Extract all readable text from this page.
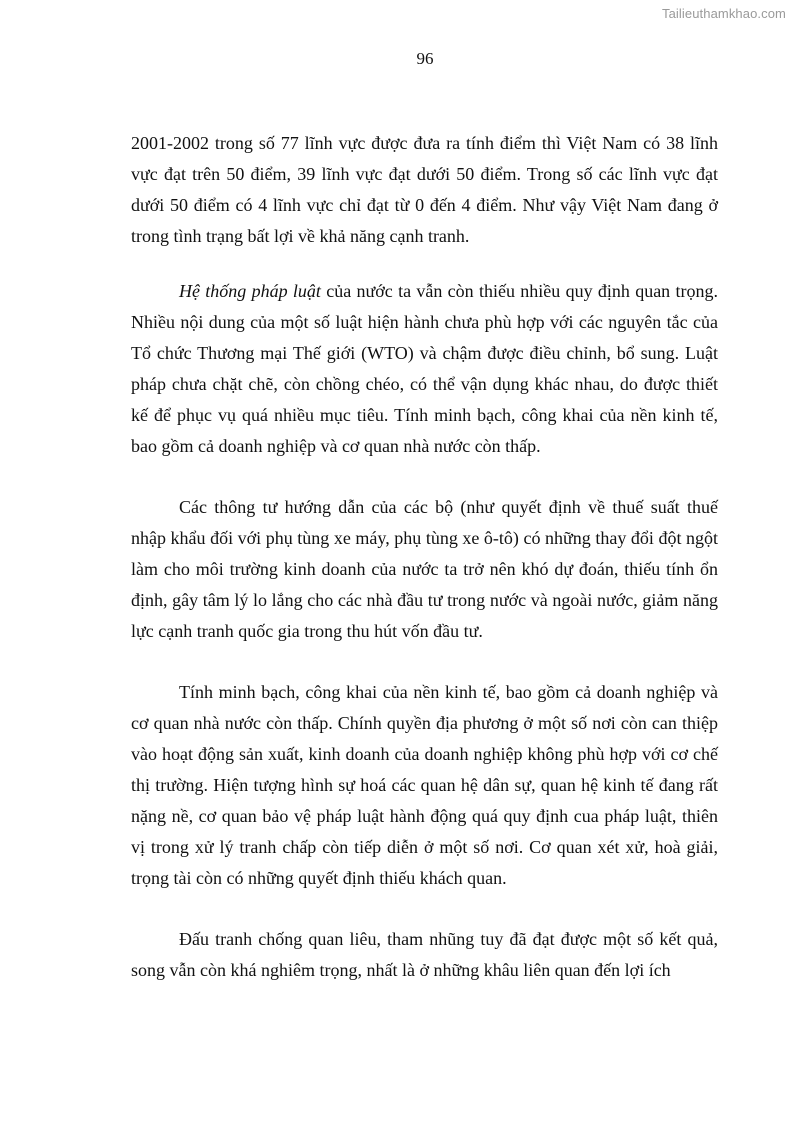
Tailieuthamkhao.com
96

2001-2002 trong số 77 lĩnh vực được đưa ra tính điểm thì Việt Nam có 38 lĩnh vực đạt trên 50 điểm, 39 lĩnh vực đạt dưới 50 điểm. Trong số các lĩnh vực đạt dưới 50 điểm có 4 lĩnh vực chỉ đạt từ 0 đến 4 điểm. Như vậy Việt Nam đang ở trong tình trạng bất lợi về khả năng cạnh tranh.

Hệ thống pháp luật của nước ta vẫn còn thiếu nhiều quy định quan trọng. Nhiều nội dung của một số luật hiện hành chưa phù hợp với các nguyên tắc của Tổ chức Thương mại Thế giới (WTO) và chậm được điều chỉnh, bổ sung. Luật pháp chưa chặt chẽ, còn chồng chéo, có thể vận dụng khác nhau, do được thiết kế để phục vụ quá nhiều mục tiêu. Tính minh bạch, công khai của nền kinh tế, bao gồm cả doanh nghiệp và cơ quan nhà nước còn thấp.

Các thông tư hướng dẫn của các bộ (như quyết định về thuế suất thuế nhập khẩu đối với phụ tùng xe máy, phụ tùng xe ô-tô) có những thay đổi đột ngột làm cho môi trường kinh doanh của nước ta trở nên khó dự đoán, thiếu tính ổn định, gây tâm lý lo lắng cho các nhà đầu tư trong nước và ngoài nước, giảm năng lực cạnh tranh quốc gia trong thu hút vốn đầu tư.

Tính minh bạch, công khai của nền kinh tế, bao gồm cả doanh nghiệp và cơ quan nhà nước còn thấp. Chính quyền địa phương ở một số nơi còn can thiệp vào hoạt động sản xuất, kinh doanh của doanh nghiệp không phù hợp với cơ chế thị trường. Hiện tượng hình sự hoá các quan hệ dân sự, quan hệ kinh tế đang rất nặng nề, cơ quan bảo vệ pháp luật hành động quá quy định cua pháp luật, thiên vị trong xử lý tranh chấp còn tiếp diễn ở một số nơi. Cơ quan xét xử, hoà giải, trọng tài còn có những quyết định thiếu khách quan.

Đấu tranh chống quan liêu, tham nhũng tuy đã đạt được một số kết quả, song vẫn còn khá nghiêm trọng, nhất là ở những khâu liên quan đến lợi ích
